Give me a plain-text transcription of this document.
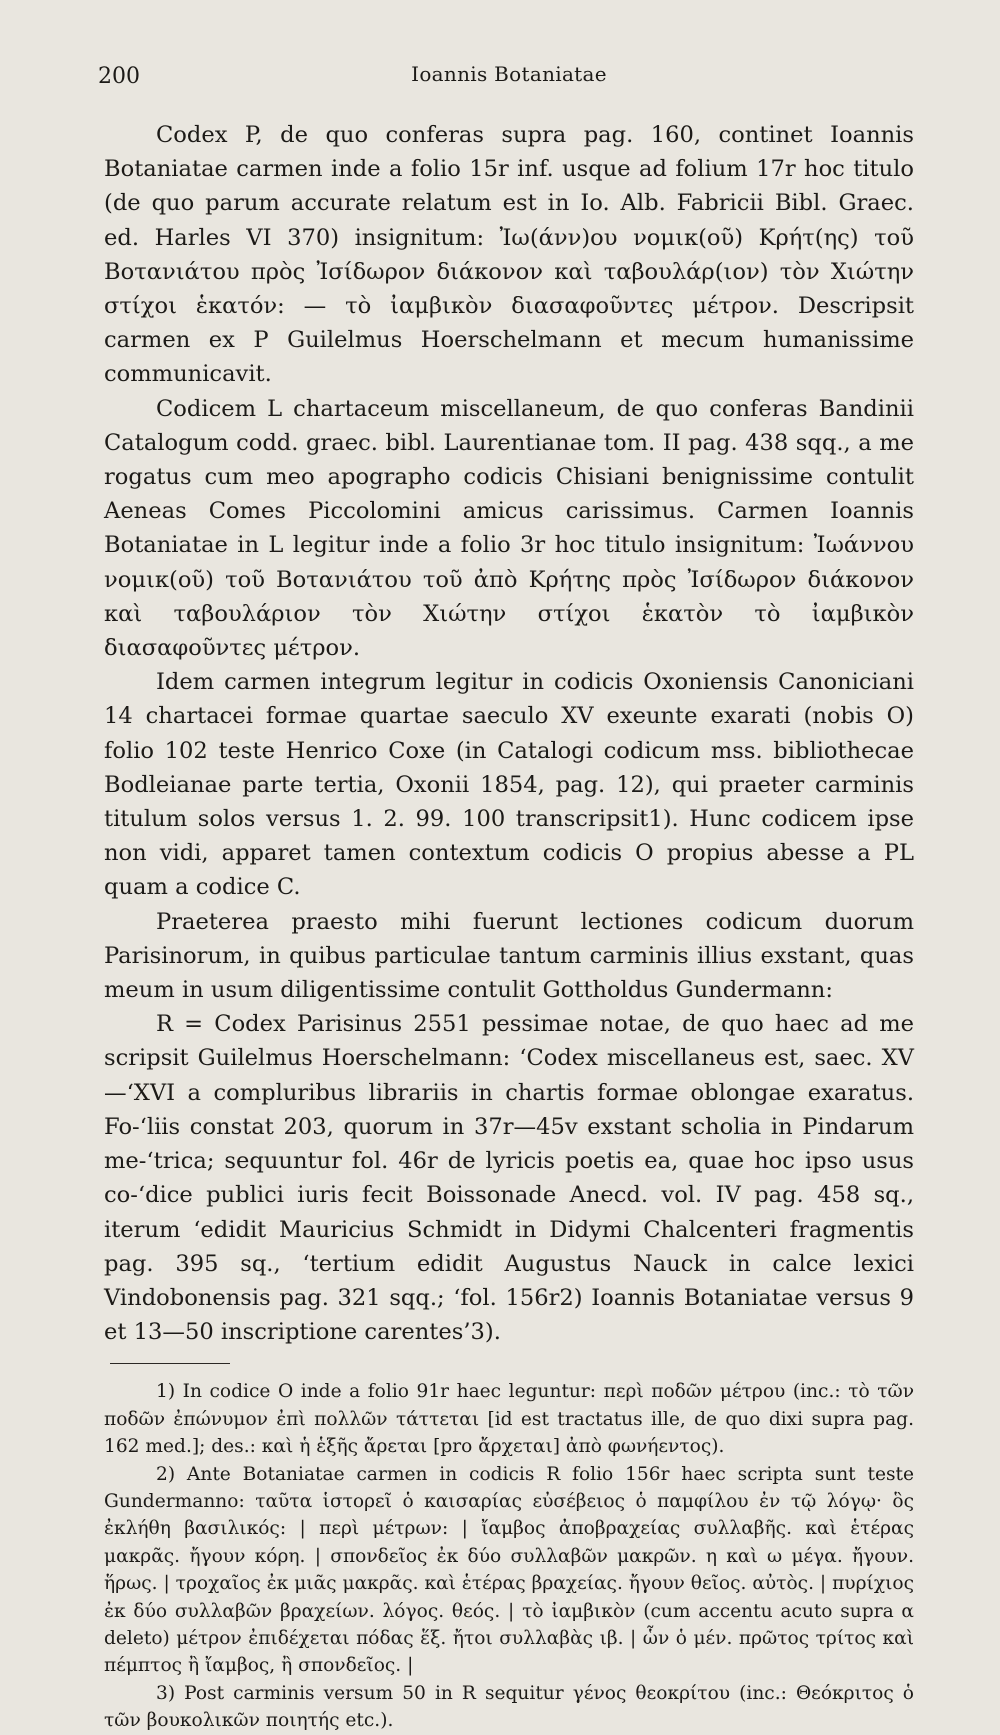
200	Ioannis Botaniatae

Codex P, de quo conferas supra pag. 160, continet Ioannis Botaniatae carmen inde a folio 15r inf. usque ad folium 17r hoc titulo (de quo parum accurate relatum est in Io. Alb. Fabricii Bibl. Graec. ed. Harles VI 370) insignitum: Ἰω(άνν)ου νομικ(οῦ) Κρήτ(ης) τοῦ Βοτανιάτου πρὸς Ἰσίδωρον διάκονον καὶ ταβουλάρ(ιον) τὸν Χιώτην στίχοι ἑκατόν: — τὸ ἰαμβικὸν διασαφοῦντες μέτρον. Descripsit carmen ex P Guilelmus Hoerschelmann et mecum humanissime communicavit.

Codicem L chartaceum miscellaneum, de quo conferas Bandinii Catalogum codd. graec. bibl. Laurentianae tom. II pag. 438 sqq., a me rogatus cum meo apographo codicis Chisiani benignissime contulit Aeneas Comes Piccolomini amicus carissimus. Carmen Ioannis Botaniatae in L legitur inde a folio 3r hoc titulo insignitum: Ἰωάννου νομικ(οῦ) τοῦ Βοτανιάτου τοῦ ἀπὸ Κρήτης πρὸς Ἰσίδωρον διάκονον καὶ ταβουλάριον τὸν Χιώτην στίχοι ἑκατὸν τὸ ἰαμβικὸν διασαφοῦντες μέτρον.

Idem carmen integrum legitur in codicis Oxoniensis Canoniciani 14 chartacei formae quartae saeculo XV exeunte exarati (nobis O) folio 102 teste Henrico Coxe (in Catalogi codicum mss. bibliothecae Bodleianae parte tertia, Oxonii 1854, pag. 12), qui praeter carminis titulum solos versus 1. 2. 99. 100 transcripsit1). Hunc codicem ipse non vidi, apparet tamen contextum codicis O propius abesse a PL quam a codice C.

Praeterea praesto mihi fuerunt lectiones codicum duorum Parisinorum, in quibus particulae tantum carminis illius exstant, quas meum in usum diligentissime contulit Gottholdus Gundermann:

R = Codex Parisinus 2551 pessimae notae, de quo haec ad me scripsit Guilelmus Hoerschelmann: ‘Codex miscellaneus est, saec. XV—‘XVI a compluribus librariis in chartis formae oblongae exaratus. Fo-‘liis constat 203, quorum in 37r—45v exstant scholia in Pindarum me-‘trica; sequuntur fol. 46r de lyricis poetis ea, quae hoc ipso usus co-‘dice publici iuris fecit Boissonade Anecd. vol. IV pag. 458 sq., iterum ‘edidit Mauricius Schmidt in Didymi Chalcenteri fragmentis pag. 395 sq., ‘tertium edidit Augustus Nauck in calce lexici Vindobonensis pag. 321 sqq.; ‘fol. 156r2) Ioannis Botaniatae versus 9 et 13—50 inscriptione carentes’3).

1) In codice O inde a folio 91r haec leguntur: περὶ ποδῶν μέτρου (inc.: τὸ τῶν ποδῶν ἐπώνυμον ἐπὶ πολλῶν τάττεται [id est tractatus ille, de quo dixi supra pag. 162 med.]; des.: καὶ ἡ ἑξῆς ἄρεται [pro ἄρχεται] ἀπὸ φωνήεντος).

2) Ante Botaniatae carmen in codicis R folio 156r haec scripta sunt teste Gundermanno: ταῦτα ἱστορεῖ ὁ καισαρίας εὐσέβειος ὁ παμφίλου ἐν τῷ λόγῳ· ὃς ἐκλήθη βασιλικός: | περὶ μέτρων: | ἴαμβος ἀποβραχείας συλλαβῆς. καὶ ἑτέρας μακρᾶς. ἤγουν κόρη. | σπονδεῖος ἐκ δύο συλλαβῶν μακρῶν. η καὶ ω μέγα. ἤγουν. ἥρως. | τροχαῖος ἐκ μιᾶς μακρᾶς. καὶ ἑτέρας βραχείας. ἤγουν θεῖος. αὐτὸς. | πυρίχιος ἐκ δύο συλλαβῶν βραχείων. λόγος. θεός. | τὸ ἰαμβικὸν (cum accentu acuto supra α deleto) μέτρον ἐπιδέχεται πόδας ἕξ. ἤτοι συλλαβὰς ιβ. | ὧν ὁ μέν. πρῶτος τρίτος καὶ πέμπτος ἢ ἴαμβος, ἢ σπονδεῖος. |

3) Post carminis versum 50 in R sequitur γένος θεοκρίτου (inc.: Θεόκριτος ὁ τῶν βουκολικῶν ποιητής etc.).
